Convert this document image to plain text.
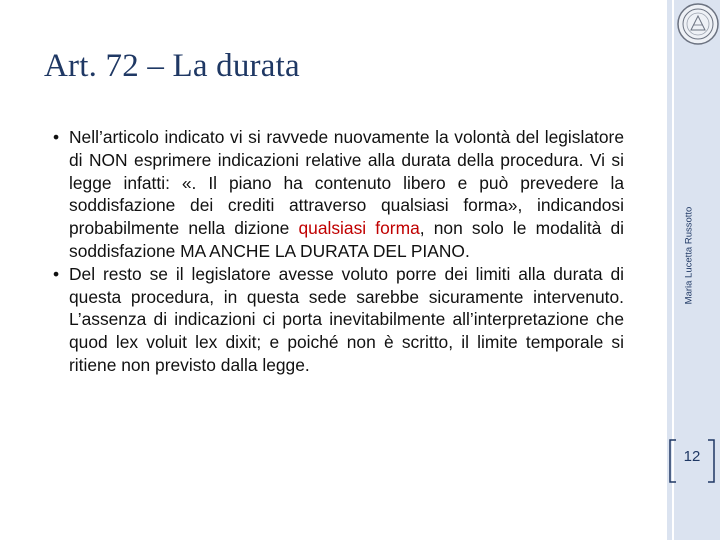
Art. 72 – La durata
• Nell’articolo indicato vi si ravvede nuovamente la volontà del legislatore di NON esprimere indicazioni relative alla durata della procedura. Vi si legge infatti: «. Il piano ha contenuto libero e può prevedere la soddisfazione dei crediti attraverso qualsiasi forma», indicandosi probabilmente nella dizione qualsiasi forma, non solo le modalità di soddisfazione MA ANCHE LA DURATA DEL PIANO.
• Del resto se il legislatore avesse voluto porre dei limiti alla durata di questa procedura, in questa sede sarebbe sicuramente intervenuto. L’assenza di indicazioni ci porta inevitabilmente all’interpretazione che quod lex voluit lex dixit; e poiché non è scritto, il limite temporale si ritiene non previsto dalla legge.
Maria Lucetta Russotto
12
